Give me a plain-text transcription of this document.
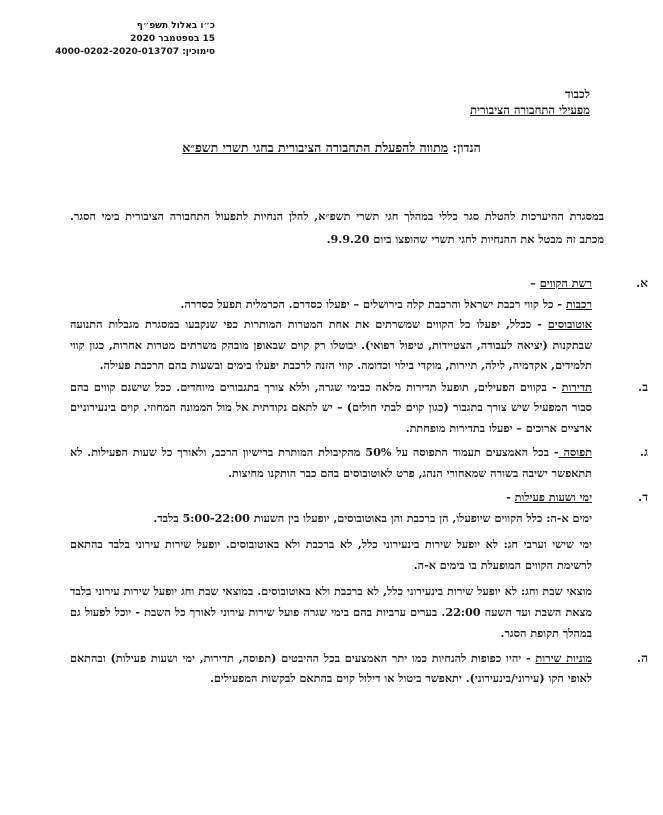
כ״ו באלול תשפ״ף
15 בספטמבר 2020
סימוכין: 4000-0202-2020-013707
לכבוד
מפעילי התחבורה הציבורית
הנדון: מתווה להפעלת התחבורה הציבורית בחגי תשרי תשפ״א
במסגרת ההיערכות להטלת סגר כללי במהלך חגי תשרי תשפ״א, להלן הנחיות לתפעול התחבורה הציבורית בימי הסגר. מכתב זה מבטל את ההנחיות לחגי תשרי שהופצו ביום 9.9.20.
א.
רשת הקווים –
רכבות - כל קווי רכבת ישראל והרכבת קלה בירושלים – יפעלו כסדרם. הכרמלית תפעל כסדרה.
אוטובוסים - ככלל, יפעלו כל הקווים שמשרתים את אחת המטרות המותרות כפי שנקבעו במסגרת מגבלות התנועה שבתקנות (יציאה לעבודה, הצטיידות, טיפול רפואי). יבוטלו רק קוים שבאופן מובהק משרתים מטרות אחרות, כגון קווי תלמידים, אקדמיה, לילה, תיירות, מוקדי בילוי וכדומה. קווי הזנה לרכבת יפעלו בימים ובשעות בהם הרכבת פעילה.
ב.
תדירות - בקווים הפעילים, תופעל תדירות מלאה כבימי שגרה, וללא צורך בתגבורים מיוחדים. ככל שישנם קווים בהם סבור המפעיל שיש צורך בתגבור (כגון קוים לבתי חולים) – יש לתאם נקודתית אל מול הממונה המחוזי. קוים בינעירוניים ארציים ארוכים – יפעלו בתדירות מופחתת.
ג.
תפוסה - בכל האמצעים תעמוד התפוסה על 50% מהקיבולת המותרת ברישיון הרכב, ולאורך כל שעות הפעילות. לא תתאפשר ישיבה בשורה שמאחורי הנהג, פרט לאוטובוסים בהם כבר הותקנו מחיצות.
ד.
ימי ושעות פעילות -
ימים א-ה: כלל הקווים שיופעלו, הן ברכבת והן באוטובוסים, יופעלו בין השעות 5:00-22:00 בלבד.
ימי שישי וערבי חג: לא יופעל שירות בינעירוני כלל, לא ברכבת ולא באוטובוסים. יופעל שירות עירוני בלבד בהתאם לרשימת הקווים המופעלת בו בימים א-ה.
מוצאי שבת וחג: לא יופעל שירות בינעירוני כלל, לא ברכבת ולא באוטובוסים. במוצאי שבת וחג יופעל שירות עירוני בלבד מצאת השבת ועד השעה 22:00. בערים ערביות בהם בימי שגרה פועל שירות עירוני לאורך כל השבת - יוכל לפעול גם במהלך תקופת הסגר.
ה.
מוניות שירות - יהיו כפופות להנחיות כמו יתר האמצעים בכל ההיבטים (תפוסה, תדירות, ימי ושעות פעילות) ובהתאם לאופי הקו (עירוני/בינעירוני). יתאפשר ביטול או דילול קוים בהתאם לבקשות המפעילים.
